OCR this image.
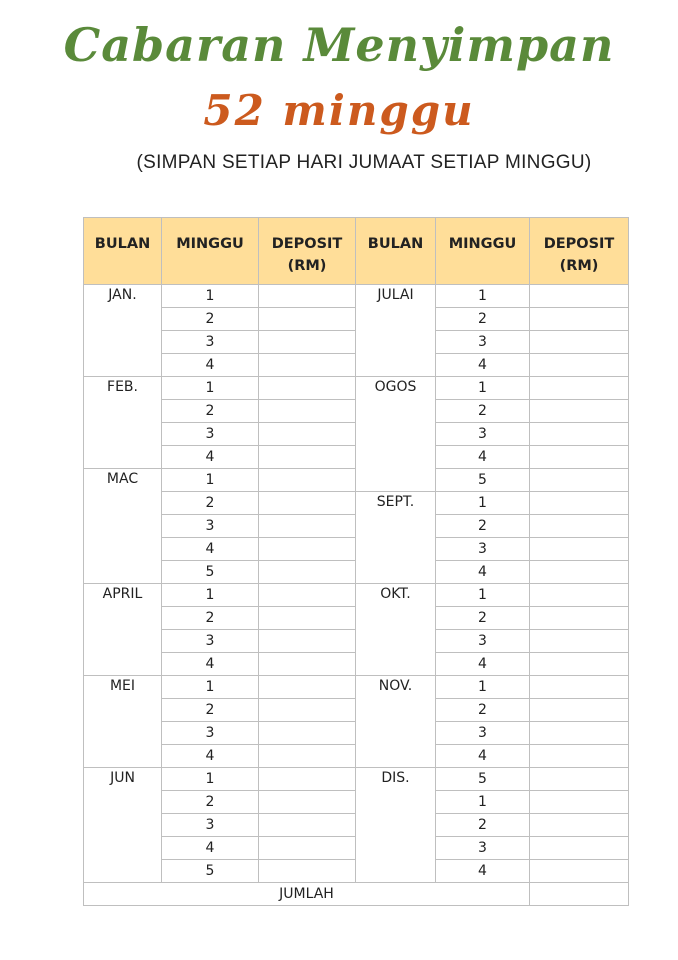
Cabaran Menyimpan
52 minggu
(SIMPAN SETIAP HARI JUMAAT SETIAP MINGGU)
BULAN	MINGGU	DEPOSIT (RM)	BULAN	MINGGU	DEPOSIT (RM)
JAN.	1		JULAI	1	
	2			2	
	3			3	
	4			4	
FEB.	1		OGOS	1	
	2			2	
	3			3	
	4			4	
MAC	1			5	
	2		SEPT.	1	
	3			2	
	4			3	
	5			4	
APRIL	1		OKT.	1	
	2			2	
	3			3	
	4			4	
MEI	1		NOV.	1	
	2			2	
	3			3	
	4			4	
JUN	1		DIS.	5	
	2			1	
	3			2	
	4			3	
	5			4	
JUMLAH					
